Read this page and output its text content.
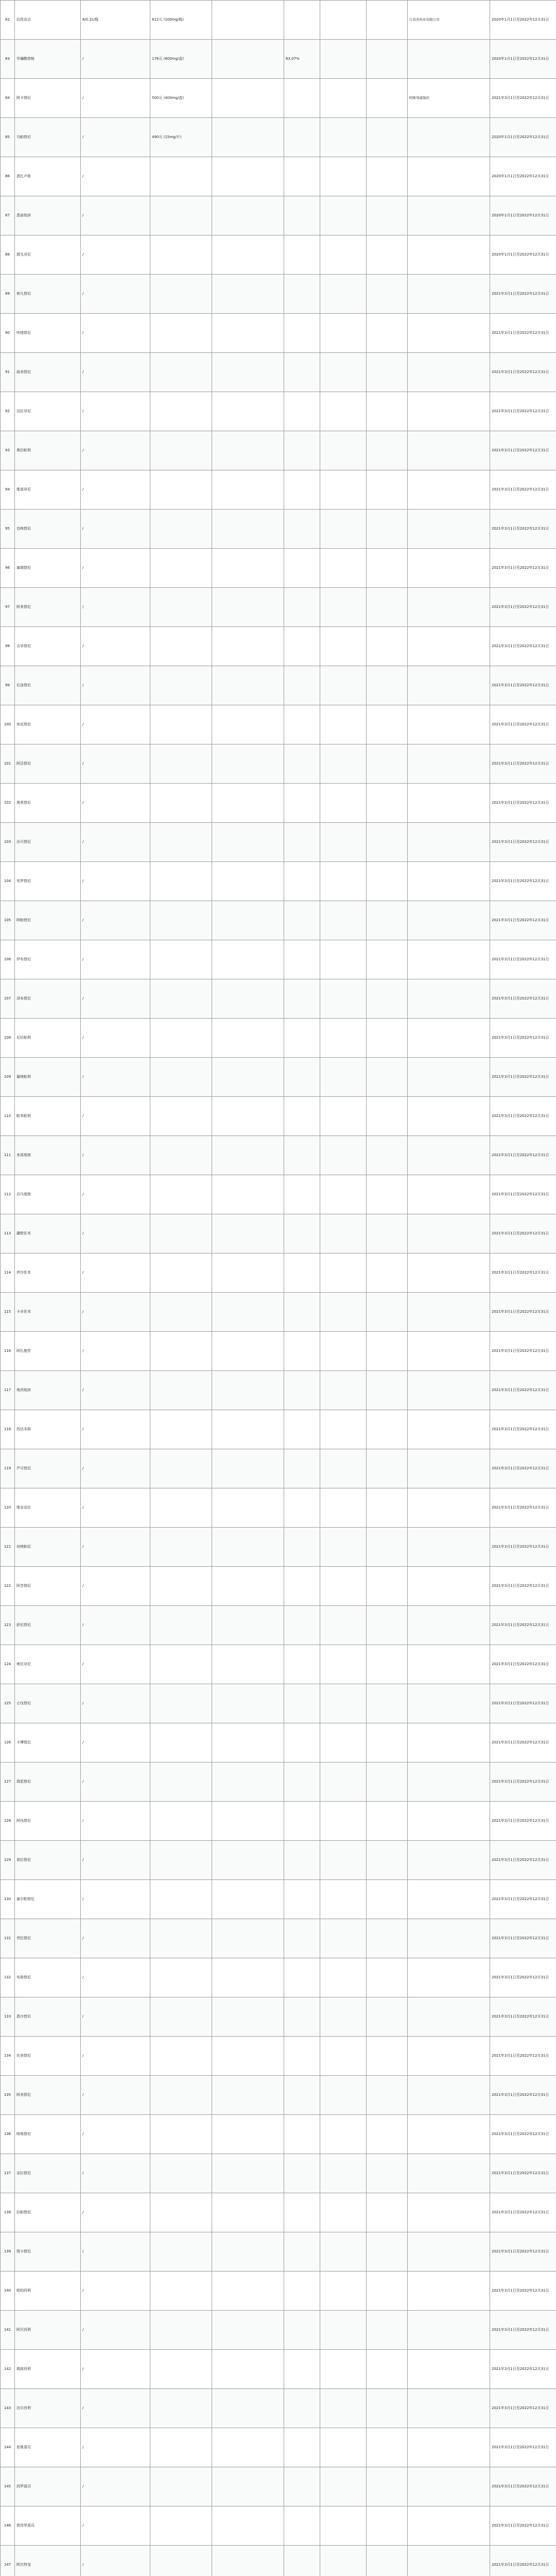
82	拉孜克吉	8/0.2L/瓶	612元 (100mg/瓶)					江苏省药业有限公司	2020年1月1日至2022年12月31日
83	甲磺酸替格	/	176元 (600mg/盒)		63.07%				2020年1月1日至2022年12月31日
84	阿卡替尼	/	500元 (400mg/盒)					阿斯利康制药	2021年3月1日至2022年12月31日
85	乌帕替尼	/	490元 (15mg/片)						2020年1月1日至2022年12月31日
86	恩扎卢胺	/							2020年1月1日至2022年12月31日
87	恩曲他滨	/							2020年1月1日至2022年12月31日
88	瑞戈非尼	/							2020年1月1日至2022年12月31日
89	索凡替尼	/							2021年3月1日至2022年12月31日
90	呋喹替尼	/							2021年3月1日至2022年12月31日
91	曲美替尼	/							2021年3月1日至2022年12月31日
92	达拉非尼	/							2021年3月1日至2022年12月31日
93	奥拉帕利	/							2021年3月1日至2022年12月31日
94	维莫非尼	/							2021年3月1日至2022年12月31日
95	克唑替尼	/							2021年3月1日至2022年12月31日
96	塞瑞替尼	/							2021年3月1日至2022年12月31日
97	阿来替尼	/							2021年3月1日至2022年12月31日
98	吉非替尼	/							2021年3月1日至2022年12月31日
99	厄洛替尼	/							2021年3月1日至2022年12月31日
100	埃克替尼	/							2021年3月1日至2022年12月31日
101	阿法替尼	/							2021年3月1日至2022年12月31日
102	奥希替尼	/							2021年3月1日至2022年12月31日
103	达可替尼	/							2021年3月1日至2022年12月31日
104	安罗替尼	/							2021年3月1日至2022年12月31日
105	阿帕替尼	/							2021年3月1日至2022年12月31日
106	伊布替尼	/							2021年3月1日至2022年12月31日
107	泽布替尼	/							2021年3月1日至2022年12月31日
108	尼拉帕利	/							2021年3月1日至2022年12月31日
109	氟唑帕利	/							2021年3月1日至2022年12月31日
110	帕米帕利	/							2021年3月1日至2022年12月31日
111	来那度胺	/							2021年3月1日至2022年12月31日
112	泊马度胺	/							2021年3月1日至2022年12月31日
113	硼替佐米	/							2021年3月1日至2022年12月31日
114	伊沙佐米	/							2021年3月1日至2022年12月31日
115	卡非佐米	/							2021年3月1日至2022年12月31日
116	阿扎胞苷	/							2021年3月1日至2022年12月31日
117	地西他滨	/							2021年3月1日至2022年12月31日
118	西达本胺	/							2021年3月1日至2022年12月31日
119	芦可替尼	/							2021年3月1日至2022年12月31日
120	维奈克拉	/							2021年3月1日至2022年12月31日
121	培唑帕尼	/							2021年3月1日至2022年12月31日
122	阿昔替尼	/							2021年3月1日至2022年12月31日
123	舒尼替尼	/							2021年3月1日至2022年12月31日
124	索拉非尼	/							2021年3月1日至2022年12月31日
125	仑伐替尼	/							2021年3月1日至2022年12月31日
126	卡博替尼	/							2021年3月1日至2022年12月31日
127	瑞派替尼	/							2021年3月1日至2022年12月31日
128	阿伐替尼	/							2021年3月1日至2022年12月31日
129	普拉替尼	/							2021年3月1日至2022年12月31日
130	塞尔帕替尼	/							2021年3月1日至2022年12月31日
131	劳拉替尼	/							2021年3月1日至2022年12月31日
132	布格替尼	/							2021年3月1日至2022年12月31日
133	恩沙替尼	/							2021年3月1日至2022年12月31日
134	伏美替尼	/							2021年3月1日至2022年12月31日
135	阿美替尼	/							2021年3月1日至2022年12月31日
136	吡咯替尼	/							2021年3月1日至2022年12月31日
137	奈拉替尼	/							2021年3月1日至2022年12月31日
138	拉帕替尼	/							2021年3月1日至2022年12月31日
139	图卡替尼	/							2021年3月1日至2022年12月31日
140	哌柏西利	/							2021年3月1日至2022年12月31日
141	阿贝西利	/							2021年3月1日至2022年12月31日
142	瑞波西利	/							2021年3月1日至2022年12月31日
143	达尔西利	/							2021年3月1日至2022年12月31日
144	依维莫司	/							2021年3月1日至2022年12月31日
145	西罗莫司	/							2021年3月1日至2022年12月31日
146	替西罗莫司	/							2021年3月1日至2022年12月31日
147	阿比特龙	/							2021年3月1日至2022年12月31日
